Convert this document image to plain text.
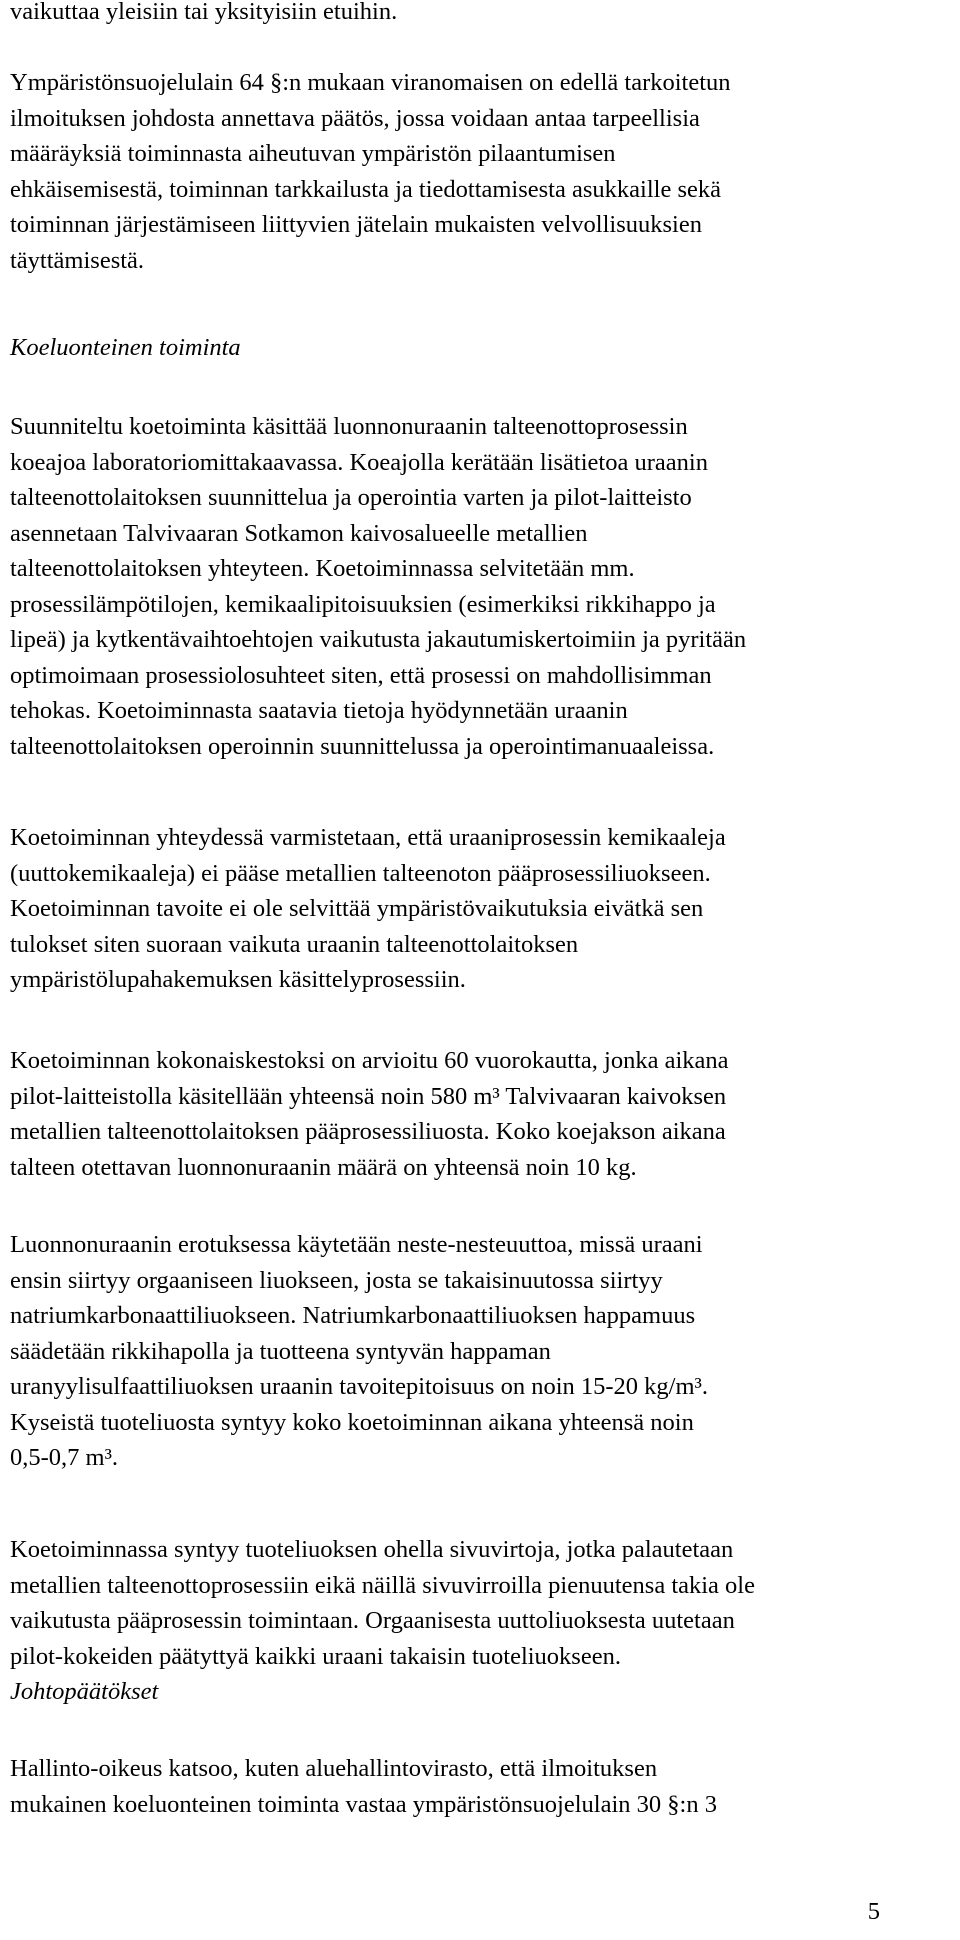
vaikuttaa yleisiin tai yksityisiin etuihin.

Ympäristönsuojelulain 64 §:n mukaan viranomaisen on edellä tarkoitetun
ilmoituksen johdosta annettava päätös, jossa voidaan antaa tarpeellisia
määräyksiä toiminnasta aiheutuvan ympäristön pilaantumisen
ehkäisemisestä, toiminnan tarkkailusta ja tiedottamisesta asukkaille sekä
toiminnan järjestämiseen liittyvien jätelain mukaisten velvollisuuksien
täyttämisestä.

Koeluonteinen toiminta

Suunniteltu koetoiminta käsittää luonnonuraanin talteenottoprosessin
koeajoa laboratoriomittakaavassa. Koeajolla kerätään lisätietoa uraanin
talteenottolaitoksen suunnittelua ja operointia varten ja pilot-laitteisto
asennetaan Talvivaaran Sotkamon kaivosalueelle metallien
talteenottolaitoksen yhteyteen. Koetoiminnassa selvitetään mm.
prosessilämpötilojen, kemikaalipitoisuuksien (esimerkiksi rikkihappo ja
lipeä) ja kytkentävaihtoehtojen vaikutusta jakautumiskertoimiin ja pyritään
optimoimaan prosessiolosuhteet siten, että prosessi on mahdollisimman
tehokas. Koetoiminnasta saatavia tietoja hyödynnetään uraanin
talteenottolaitoksen operoinnin suunnittelussa ja operointimanuaaleissa.

Koetoiminnan yhteydessä varmistetaan, että uraaniprosessin kemikaaleja
(uuttokemikaaleja) ei pääse metallien talteenoton pääprosessiliuokseen.
Koetoiminnan tavoite ei ole selvittää ympäristövaikutuksia eivätkä sen
tulokset siten suoraan vaikuta uraanin talteenottolaitoksen
ympäristölupahakemuksen käsittelyprosessiin.

Koetoiminnan kokonaiskestoksi on arvioitu 60 vuorokautta, jonka aikana
pilot-laitteistolla käsitellään yhteensä noin 580 m³ Talvivaaran kaivoksen
metallien talteenottolaitoksen pääprosessiliuosta. Koko koejakson aikana
talteen otettavan luonnonuraanin määrä on yhteensä noin 10 kg.

Luonnonuraanin erotuksessa käytetään neste-nesteuuttoa, missä uraani
ensin siirtyy orgaaniseen liuokseen, josta se takaisinuutossa siirtyy
natriumkarbonaattiliuokseen. Natriumkarbonaattiliuoksen happamuus
säädetään rikkihapolla ja tuotteena syntyvän happaman
uranyylisulfaattiliuoksen uraanin tavoitepitoisuus on noin 15-20 kg/m³.
Kyseistä tuoteliuosta syntyy koko koetoiminnan aikana yhteensä noin
0,5-0,7 m³.

Koetoiminnassa syntyy tuoteliuoksen ohella sivuvirtoja, jotka palautetaan
metallien talteenottoprosessiin eikä näillä sivuvirroilla pienuutensa takia ole
vaikutusta pääprosessin toimintaan. Orgaanisesta uuttoliuoksesta uutetaan
pilot-kokeiden päätyttyä kaikki uraani takaisin tuoteliuokseen.

Johtopäätökset

Hallinto-oikeus katsoo, kuten aluehallintovirasto, että ilmoituksen
mukainen koeluonteinen toiminta vastaa ympäristönsuojelulain 30 §:n 3

5
